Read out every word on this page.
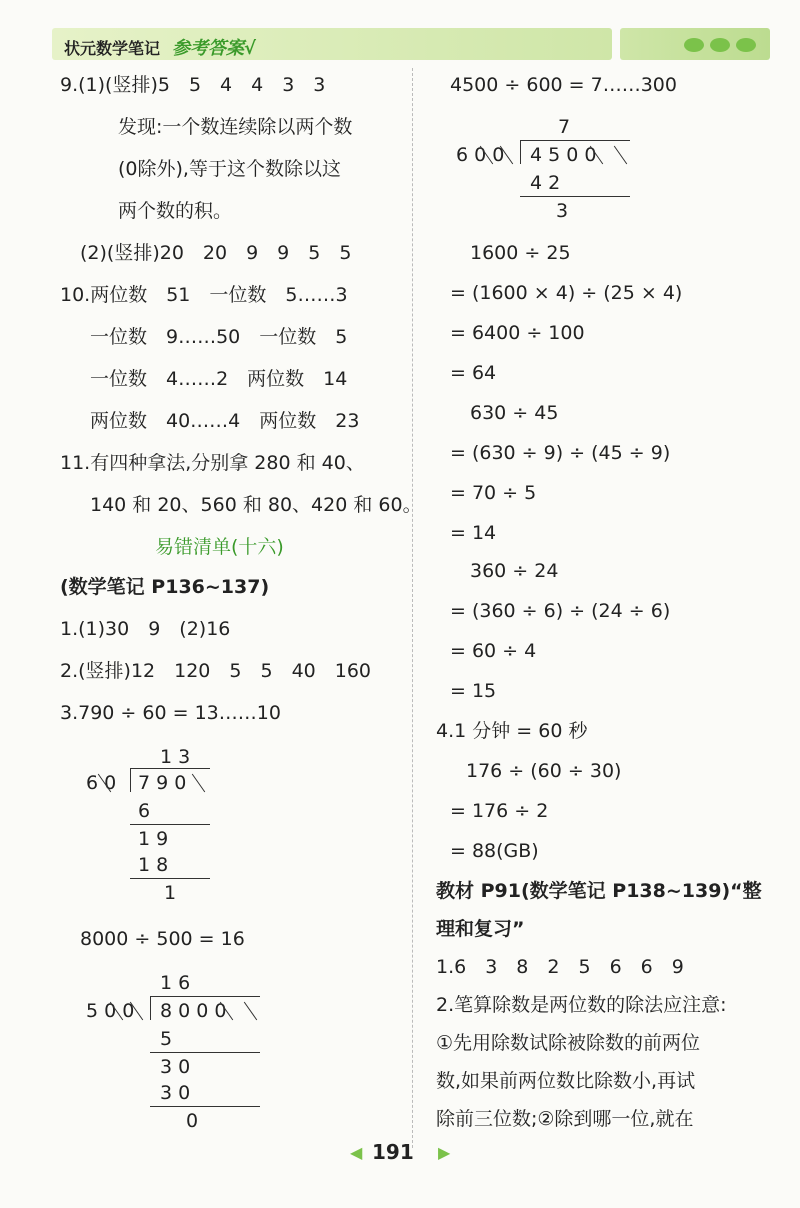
状元数学笔记 参考答案√
9.(1)(竖排)5　5　4　4　3　3
发现:一个数连续除以两个数
(0除外),等于这个数除以这
两个数的积。
(2)(竖排)20　20　9　9　5　5
10.两位数　51　一位数　5……3
一位数　9……50　一位数　5
一位数　4……2　两位数　14
两位数　40……4　两位数　23
11.有四种拿法,分别拿 280 和 40、
140 和 20、560 和 80、420 和 60。
易错清单(十六)
(数学笔记 P136~137)
1.(1)30　9　(2)16
2.(竖排)12　120　5　5　40　160
3.790 ÷ 60 = 13……10
1 3
6 0 7 9 0
6
1 9
1 8
1
8000 ÷ 500 = 16
1 6
5 0 0 8 0 0 0
5
3 0
3 0
0
4500 ÷ 600 = 7……300
7
6 0 0 4 5 0 0
4 2
3
1600 ÷ 25
= (1600 × 4) ÷ (25 × 4)
= 6400 ÷ 100
= 64
630 ÷ 45
= (630 ÷ 9) ÷ (45 ÷ 9)
= 70 ÷ 5
= 14
360 ÷ 24
= (360 ÷ 6) ÷ (24 ÷ 6)
= 60 ÷ 4
= 15
4.1 分钟 = 60 秒
176 ÷ (60 ÷ 30)
= 176 ÷ 2
= 88(GB)
教材 P91(数学笔记 P138~139)“整
理和复习”
1.6　3　8　2　5　6　6　9
2.笔算除数是两位数的除法应注意:
①先用除数试除被除数的前两位
数,如果前两位数比除数小,再试
除前三位数;②除到哪一位,就在
◀ 191 ▶
